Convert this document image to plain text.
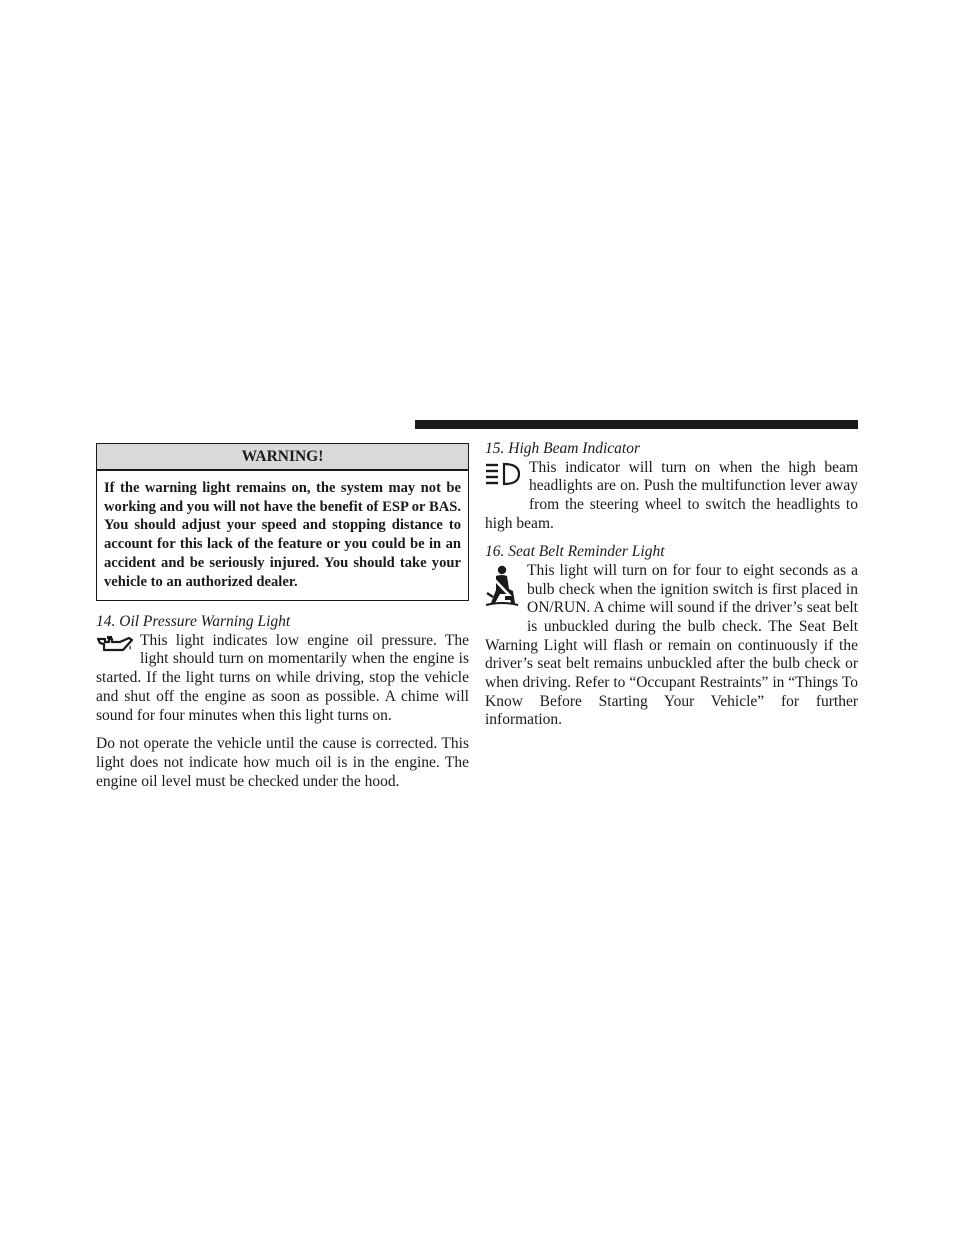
WARNING!
If the warning light remains on, the system may not be working and you will not have the benefit of ESP or BAS. You should adjust your speed and stopping distance to account for this lack of the feature or you could be in an accident and be seriously injured. You should take your vehicle to an authorized dealer.

14. Oil Pressure Warning Light

This light indicates low engine oil pressure. The light should turn on momentarily when the engine is started. If the light turns on while driving, stop the vehicle and shut off the engine as soon as possible. A chime will sound for four minutes when this light turns on.

Do not operate the vehicle until the cause is corrected. This light does not indicate how much oil is in the engine. The engine oil level must be checked under the hood.

15. High Beam Indicator

This indicator will turn on when the high beam headlights are on. Push the multifunction lever away from the steering wheel to switch the headlights to high beam.

16. Seat Belt Reminder Light

This light will turn on for four to eight seconds as a bulb check when the ignition switch is first placed in ON/RUN. A chime will sound if the driver’s seat belt is unbuckled during the bulb check. The Seat Belt Warning Light will flash or remain on continuously if the driver’s seat belt remains unbuckled after the bulb check or when driving. Refer to “Occupant Restraints” in “Things To Know Before Starting Your Vehicle” for further information.
